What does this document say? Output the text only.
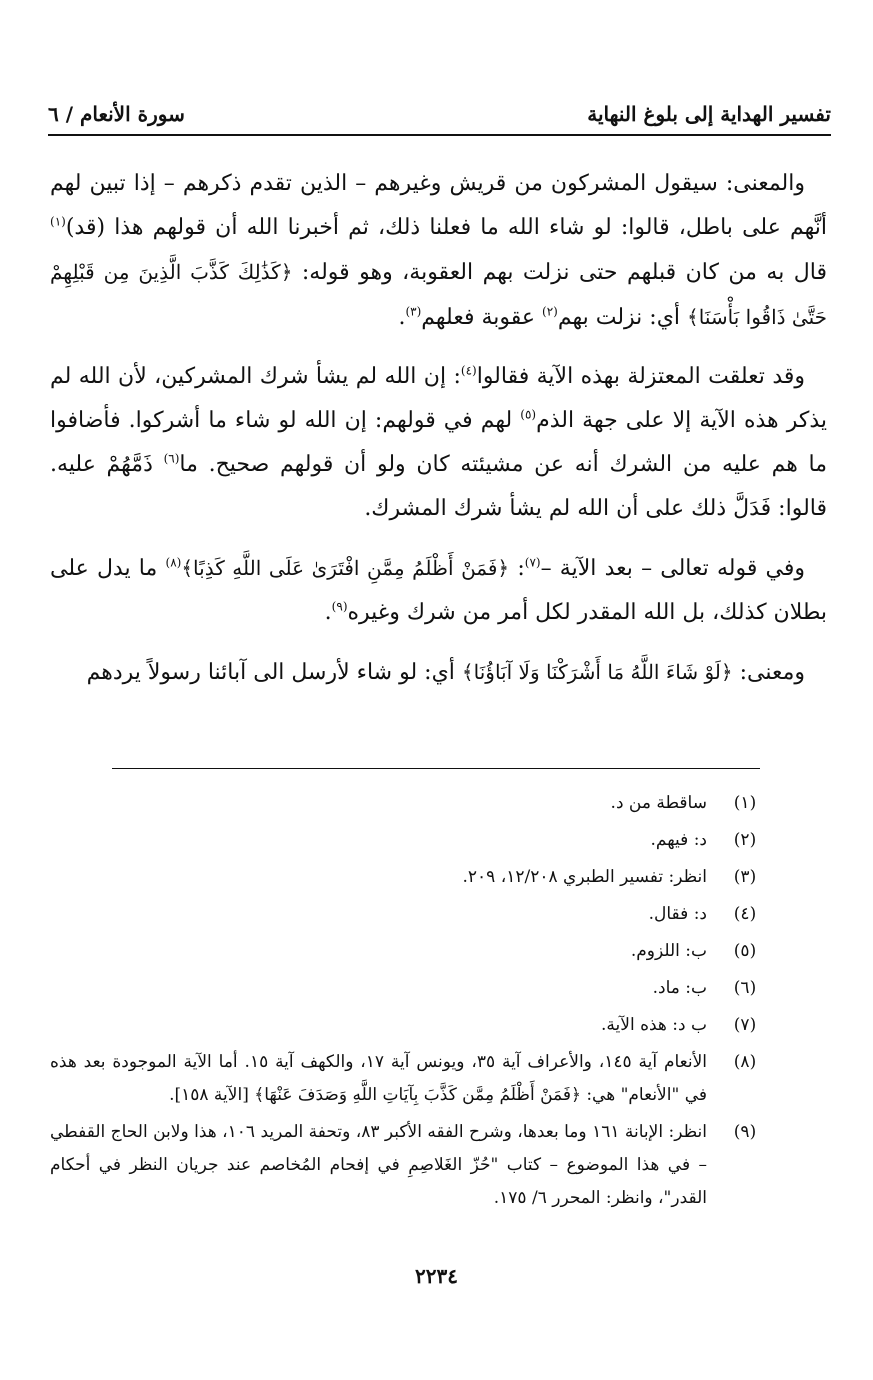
تفسير الهداية إلى بلوغ النهاية
سورة الأنعام / ٦

والمعنى: سيقول المشركون من قريش وغيرهم – الذين تقدم ذكرهم – إذا تبين لهم أنَّهم على باطل، قالوا: لو شاء الله ما فعلنا ذلك، ثم أخبرنا الله أن قولهم هذا (قد)$^{(١)}$ قال به من كان قبلهم حتى نزلت بهم العقوبة، وهو قوله: ﴿كَذَٰلِكَ كَذَّبَ الَّذِينَ مِن قَبْلِهِمْ حَتَّىٰ ذَاقُوا بَأْسَنَا﴾ أي: نزلت بهم$^{(٢)}$ عقوبة فعلهم$^{(٣)}$.

وقد تعلقت المعتزلة بهذه الآية فقالوا$^{(٤)}$: إن الله لم يشأ شرك المشركين، لأن الله لم يذكر هذه الآية إلا على جهة الذم$^{(٥)}$ لهم في قولهم: إن الله لو شاء ما أشركوا. فأضافوا ما هم عليه من الشرك أنه عن مشيئته كان ولو أن قولهم صحيح. ما$^{(٦)}$ ذَمَّهُمْ عليه. قالوا: فَدَلَّ ذلك على أن الله لم يشأ شرك المشرك.

وفي قوله تعالى – بعد الآية –$^{(٧)}$: ﴿فَمَنْ أَظْلَمُ مِمَّنِ افْتَرَىٰ عَلَى اللَّهِ كَذِبًا﴾$^{(٨)}$ ما يدل على بطلان كذلك، بل الله المقدر لكل أمر من شرك وغيره$^{(٩)}$.

ومعنى: ﴿لَوْ شَاءَ اللَّهُ مَا أَشْرَكْنَا وَلَا آبَاؤُنَا﴾ أي: لو شاء لأرسل الى آبائنا رسولاً يردهم

(١)
ساقطة من د.
(٢)
د: فيهم.
(٣)
انظر: تفسير الطبري ١٢/٢٠٨، ٢٠٩.
(٤)
د: فقال.
(٥)
ب: اللزوم.
(٦)
ب: ماد.
(٧)
ب د: هذه الآية.
(٨)
الأنعام آية ١٤٥، والأعراف آية ٣٥، ويونس آية ١٧، والكهف آية ١٥. أما الآية الموجودة بعد هذه في "الأنعام" هي: ﴿فَمَنْ أَظْلَمُ مِمَّن كَذَّبَ بِآيَاتِ اللَّهِ وَصَدَفَ عَنْهَا﴾ [الآية ١٥٨].
(٩)
انظر: الإبانة ١٦١ وما بعدها، وشرح الفقه الأكبر ٨٣، وتحفة المريد ١٠٦، هذا ولابن الحاج القفطي – في هذا الموضوع – كتاب "حُزّ الغَلاصِمِ في إفحام المُخاصم عند جريان النظر في أحكام القدر"، وانظر: المحرر ٦/ ١٧٥.
٢٢٣٤
